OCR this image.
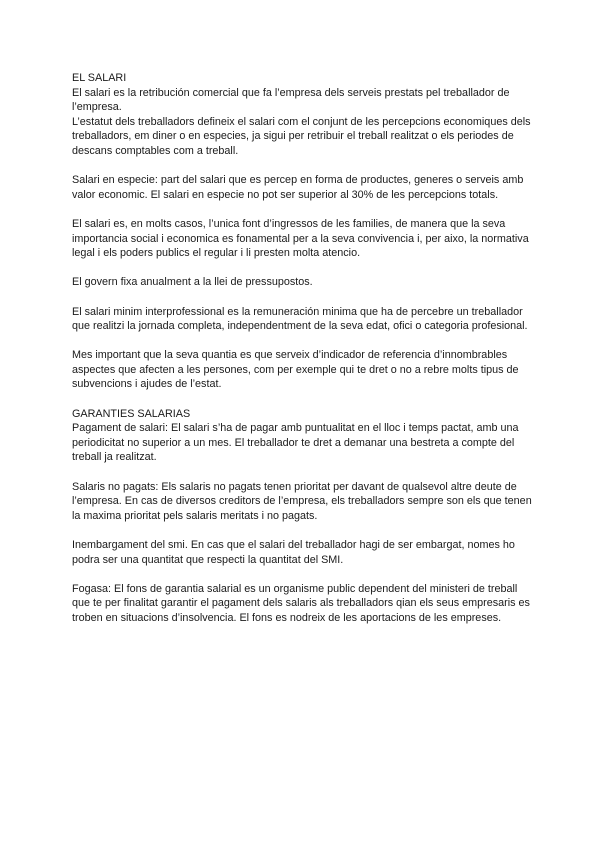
EL SALARI

El salari es la retribución comercial que fa l’empresa dels serveis prestats pel treballador de l’empresa.

L’estatut dels treballadors defineix el salari com el conjunt de les percepcions economiques dels treballadors, em diner o en especies, ja sigui per retribuir el treball realitzat o els periodes de descans comptables com a treball.

Salari en especie: part del salari que es percep en forma de productes, generes o serveis amb valor economic. El salari en especie no pot ser superior al 30% de les percepcions totals.

El salari es, en molts casos, l’unica font d’ingressos de les families, de manera que la seva importancia social i economica es fonamental per a la seva convivencia i, per aixo, la normativa legal i els poders publics el regular i li presten molta atencio.

El govern fixa anualment a la llei de pressupostos.

El salari minim interprofessional es la remuneración minima que ha de percebre un treballador que realitzi la jornada completa, independentment de la seva edat, ofici o categoria profesional.

Mes important que la seva quantia es que serveix d’indicador de referencia d’innombrables aspectes que afecten a les persones, com per exemple qui te dret o no a rebre molts tipus de subvencions i ajudes de l’estat.

GARANTIES SALARIAS

Pagament de salari: El salari s’ha de pagar amb puntualitat en el lloc i temps pactat, amb una periodicitat no superior a un mes. El treballador te dret a demanar una bestreta a compte del treball ja realitzat.

Salaris no pagats: Els salaris no pagats tenen prioritat per davant de qualsevol altre deute de l’empresa. En cas de diversos creditors de l’empresa, els treballadors sempre son els que tenen la maxima prioritat pels salaris meritats i no pagats.

Inembargament del smi. En cas que el salari del treballador hagi de ser embargat, nomes ho podra ser una quantitat que respecti la quantitat del SMI.

Fogasa: El fons de garantia salarial es un organisme public dependent del ministeri de treball que te per finalitat garantir el pagament dels salaris als treballadors qian els seus empresaris es troben en situacions d’insolvencia. El fons es nodreix de les aportacions de les empreses.
